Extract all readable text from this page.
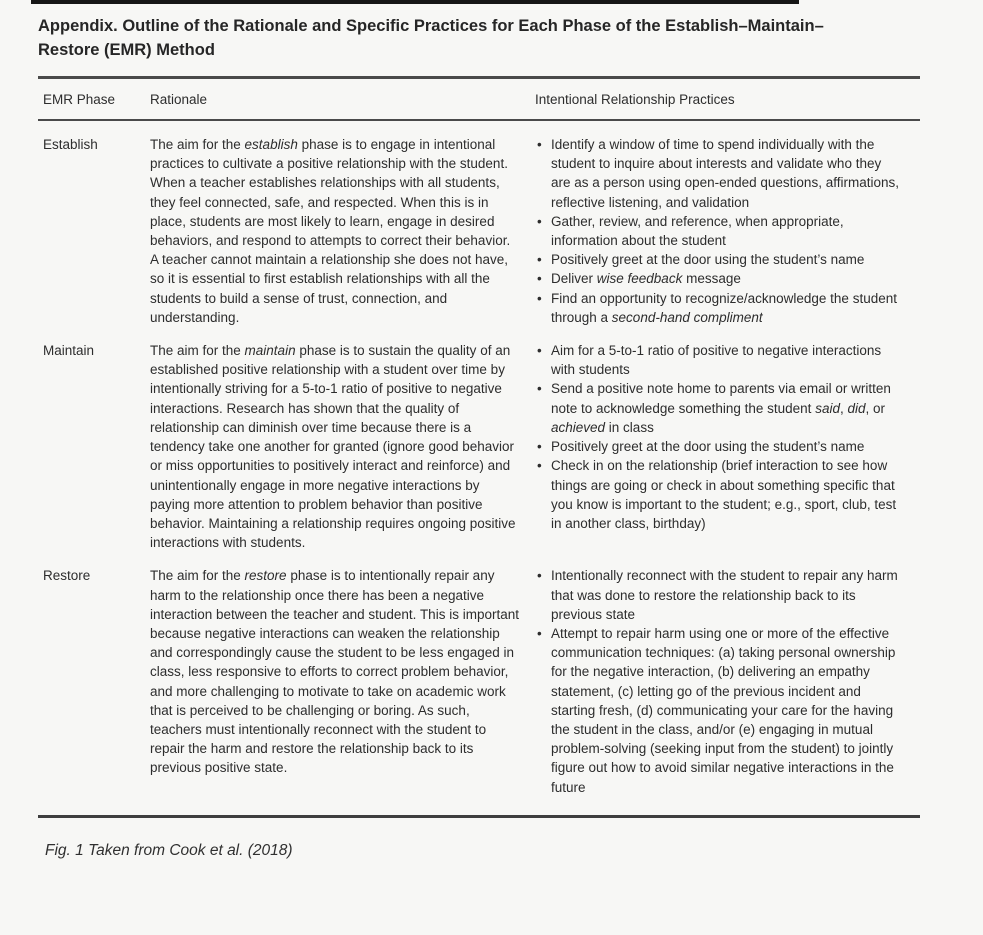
Appendix. Outline of the Rationale and Specific Practices for Each Phase of the Establish–Maintain–Restore (EMR) Method
EMR Phase	Rationale	Intentional Relationship Practices
Establish	The aim for the establish phase is to engage in intentional practices to cultivate a positive relationship with the student. When a teacher establishes relationships with all students, they feel connected, safe, and respected. When this is in place, students are most likely to learn, engage in desired behaviors, and respond to attempts to correct their behavior. A teacher cannot maintain a relationship she does not have, so it is essential to first establish relationships with all the students to build a sense of trust, connection, and understanding.
• Identify a window of time to spend individually with the student to inquire about interests and validate who they are as a person using open-ended questions, affirmations, reflective listening, and validation
• Gather, review, and reference, when appropriate, information about the student
• Positively greet at the door using the student’s name
• Deliver wise feedback message
• Find an opportunity to recognize/acknowledge the student through a second-hand compliment
Maintain	The aim for the maintain phase is to sustain the quality of an established positive relationship with a student over time by intentionally striving for a 5-to-1 ratio of positive to negative interactions. Research has shown that the quality of relationship can diminish over time because there is a tendency take one another for granted (ignore good behavior or miss opportunities to positively interact and reinforce) and unintentionally engage in more negative interactions by paying more attention to problem behavior than positive behavior. Maintaining a relationship requires ongoing positive interactions with students.
• Aim for a 5-to-1 ratio of positive to negative interactions with students
• Send a positive note home to parents via email or written note to acknowledge something the student said, did, or achieved in class
• Positively greet at the door using the student’s name
• Check in on the relationship (brief interaction to see how things are going or check in about something specific that you know is important to the student; e.g., sport, club, test in another class, birthday)
Restore	The aim for the restore phase is to intentionally repair any harm to the relationship once there has been a negative interaction between the teacher and student. This is important because negative interactions can weaken the relationship and correspondingly cause the student to be less engaged in class, less responsive to efforts to correct problem behavior, and more challenging to motivate to take on academic work that is perceived to be challenging or boring. As such, teachers must intentionally reconnect with the student to repair the harm and restore the relationship back to its previous positive state.
• Intentionally reconnect with the student to repair any harm that was done to restore the relationship back to its previous state
• Attempt to repair harm using one or more of the effective communication techniques: (a) taking personal ownership for the negative interaction, (b) delivering an empathy statement, (c) letting go of the previous incident and starting fresh, (d) communicating your care for the having the student in the class, and/or (e) engaging in mutual problem-solving (seeking input from the student) to jointly figure out how to avoid similar negative interactions in the future
Fig. 1 Taken from Cook et al. (2018)
